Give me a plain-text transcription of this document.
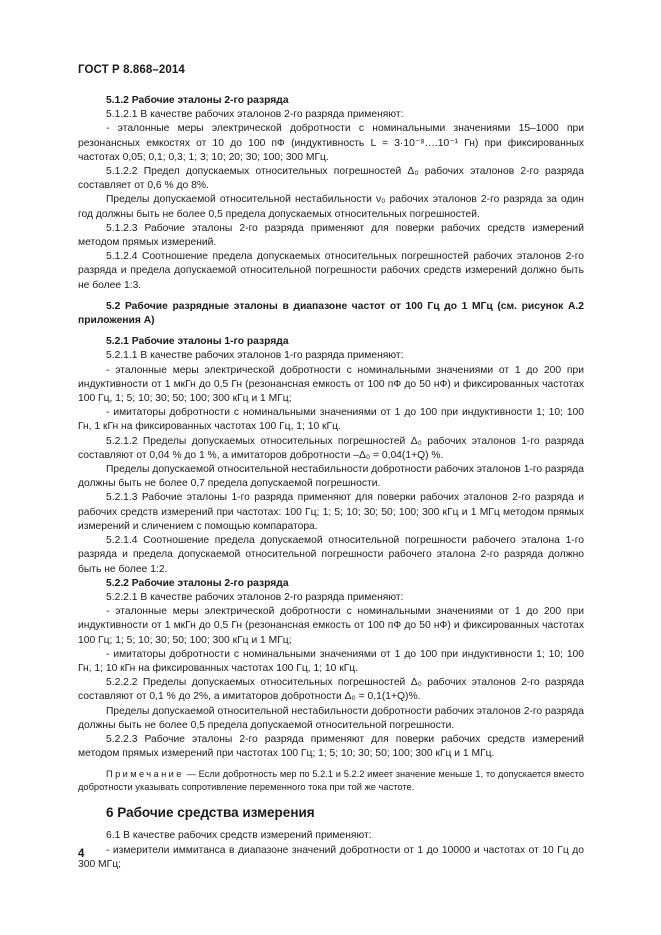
ГОСТ Р 8.868–2014

5.1.2 Рабочие эталоны 2-го разряда

5.1.2.1 В качестве рабочих эталонов 2-го разряда применяют:

- эталонные меры электрической добротности с номинальными значениями 15–1000 при резонансных емкостях от 10 до 100 пФ (индуктивность L = 3·10⁻⁸….10⁻¹ Гн) при фиксированных частотах 0,05; 0,1; 0,3; 1; 3; 10; 20; 30; 100; 300 МГц.

5.1.2.2 Предел допускаемых относительных погрешностей Δ₀ рабочих эталонов 2-го разряда составляет от 0,6 % до 8%.

Пределы допускаемой относительной нестабильности ν₀ рабочих эталонов 2-го разряда за один год должны быть не более 0,5 предела допускаемых относительных погрешностей.

5.1.2.3 Рабочие эталоны 2-го разряда применяют для поверки рабочих средств измерений методом прямых измерений.

5.1.2.4 Соотношение предела допускаемых относительных погрешностей рабочих эталонов 2-го разряда и предела допускаемой относительной погрешности рабочих средств измерений должно быть не более 1:3.

5.2 Рабочие разрядные эталоны в диапазоне частот от 100 Гц до 1 МГц (см. рисунок А.2 приложения А)

5.2.1 Рабочие эталоны 1-го разряда

5.2.1.1 В качестве рабочих эталонов 1-го разряда применяют:

- эталонные меры электрической добротности с номинальными значениями от 1 до 200 при индуктивности от 1 мкГн до 0,5 Гн (резонансная емкость от 100 пФ до 50 нФ) и фиксированных частотах 100 Гц, 1; 5; 10; 30; 50; 100; 300 кГц и 1 МГц;

- имитаторы добротности с номинальными значениями от 1 до 100 при индуктивности 1; 10; 100 Гн, 1 кГн на фиксированных частотах 100 Гц, 1; 10 кГц.

5.2.1.2 Пределы допускаемых относительных погрешностей Δ₀ рабочих эталонов 1-го разряда составляют от 0,04 % до 1 %, а имитаторов добротности –Δ₀ = 0,04(1+Q) %.

Пределы допускаемой относительной нестабильности добротности рабочих эталонов 1-го разряда должны быть не более 0,7 предела допускаемой погрешности.

5.2.1.3 Рабочие эталоны 1-го разряда применяют для поверки рабочих эталонов 2-го разряда и рабочих средств измерений при частотах: 100 Гц; 1; 5; 10; 30; 50; 100; 300 кГц и 1 МГц методом прямых измерений и сличением с помощью компаратора.

5.2.1.4 Соотношение предела допускаемой относительной погрешности рабочего эталона 1-го разряда и предела допускаемой относительной погрешности рабочего эталона 2-го разряда должно быть не более 1:2.

5.2.2 Рабочие эталоны 2-го разряда

5.2.2.1 В качестве рабочих эталонов 2-го разряда применяют:

- эталонные меры электрической добротности с номинальными значениями от 1 до 200 при индуктивности от 1 мкГн до 0,5 Гн (резонансная емкость от 100 пФ до 50 нФ) и фиксированных частотах 100 Гц; 1; 5; 10; 30; 50; 100; 300 кГц и 1 МГц;

- имитаторы добротности с номинальными значениями от 1 до 100 при индуктивности 1; 10; 100 Гн, 1; 10 кГн на фиксированных частотах 100 Гц, 1; 10 кГц.

5.2.2.2 Пределы допускаемых относительных погрешностей Δ₀ рабочих эталонов 2-го разряда составляют от 0,1 % до 2%, а имитаторов добротности Δ₀ = 0,1(1+Q)%.

Пределы допускаемой относительной нестабильности добротности рабочих эталонов 2-го разряда должны быть не более 0,5 предела допускаемой относительной погрешности.

5.2.2.3 Рабочие эталоны 2-го разряда применяют для поверки рабочих средств измерений методом прямых измерений при частотах 100 Гц; 1; 5; 10; 30; 50; 100; 300 кГц и 1 МГц.

Примечание — Если добротность мер по 5.2.1 и 5.2.2 имеет значение меньше 1, то допускается вместо добротности указывать сопротивление переменного тока при той же частоте.

6 Рабочие средства измерения

6.1 В качестве рабочих средств измерений применяют:

- измерители иммитанса в диапазоне значений добротности от 1 до 10000 и частотах от 10 Гц до 300 МГц;

4
